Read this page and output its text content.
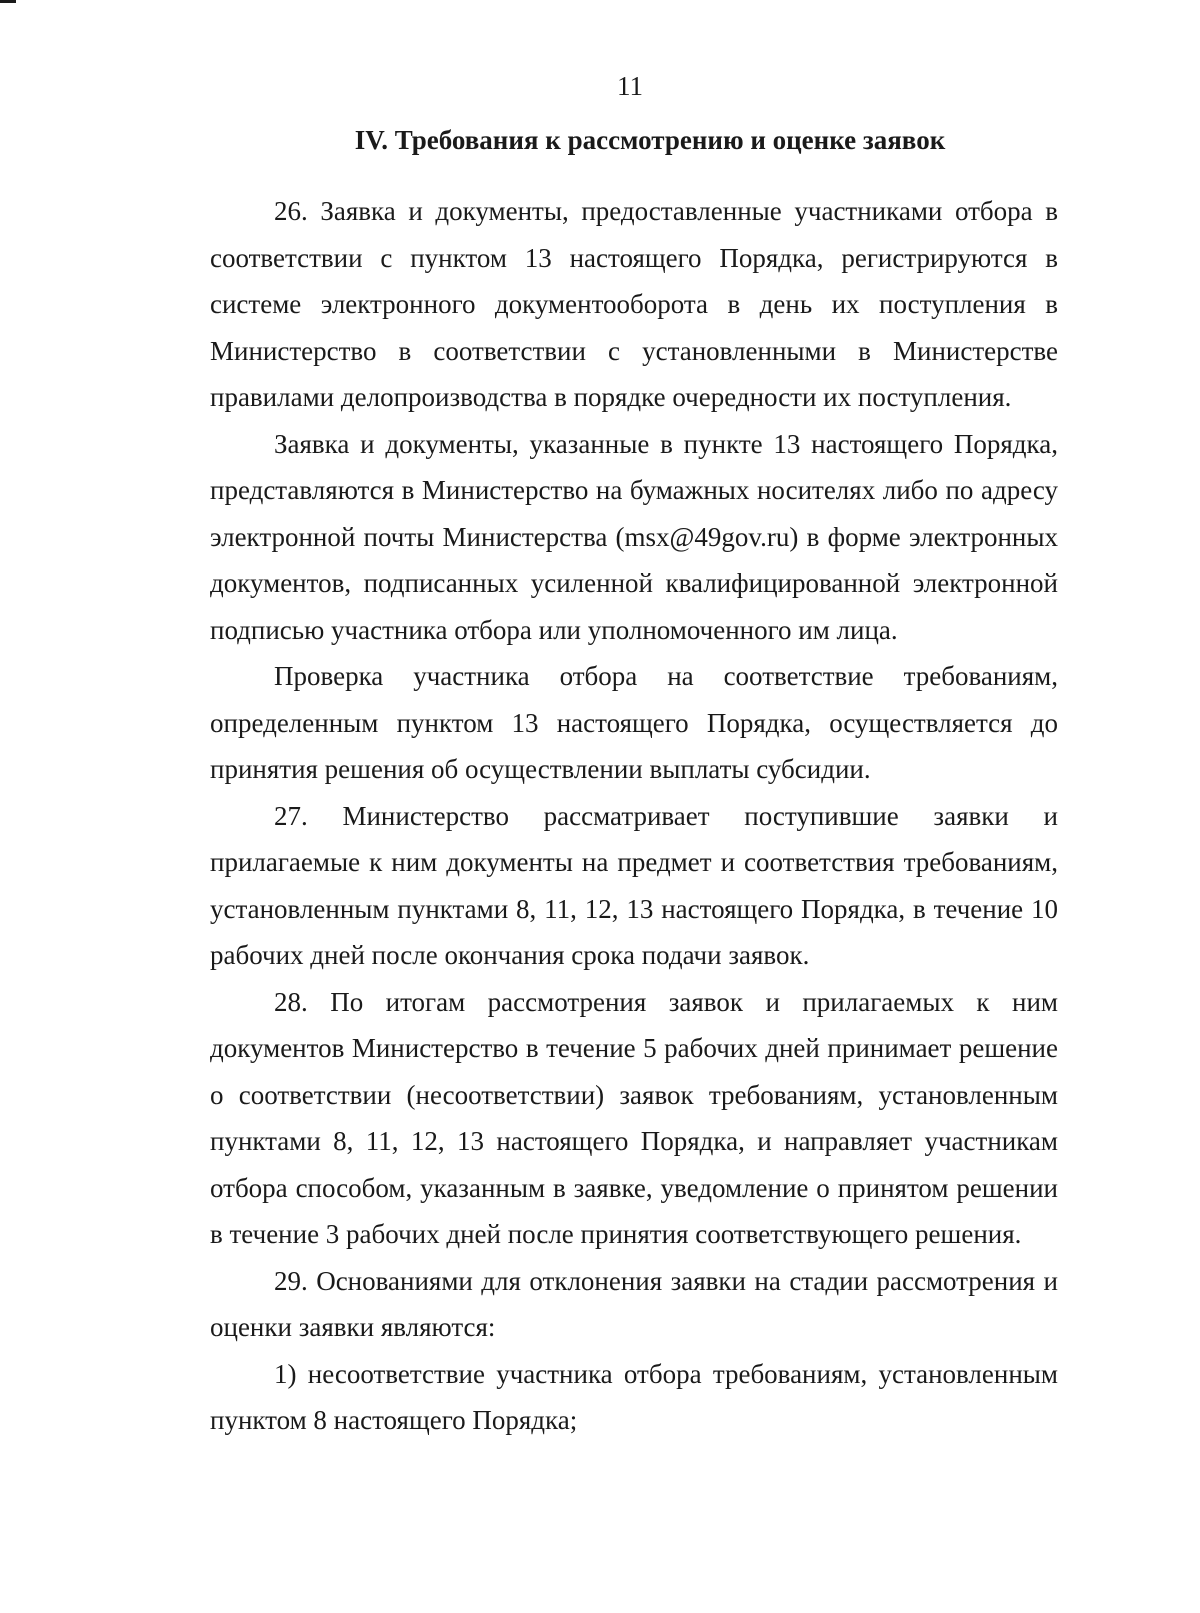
11
IV. Требования к рассмотрению и оценке заявок

26. Заявка и документы, предоставленные участниками отбора в соответствии с пунктом 13 настоящего Порядка, регистрируются в системе электронного документооборота в день их поступления в Министерство в соответствии с установленными в Министерстве правилами делопроизводства в порядке очередности их поступления.

Заявка и документы, указанные в пункте 13 настоящего Порядка, представляются в Министерство на бумажных носителях либо по адресу электронной почты Министерства (msx@49gov.ru) в форме электронных документов, подписанных усиленной квалифицированной электронной подписью участника отбора или уполномоченного им лица.

Проверка участника отбора на соответствие требованиям, определенным пунктом 13 настоящего Порядка, осуществляется до принятия решения об осуществлении выплаты субсидии.

27. Министерство рассматривает поступившие заявки и прилагаемые к ним документы на предмет и соответствия требованиям, установленным пунктами 8, 11, 12, 13 настоящего Порядка, в течение 10 рабочих дней после окончания срока подачи заявок.

28. По итогам рассмотрения заявок и прилагаемых к ним документов Министерство в течение 5 рабочих дней принимает решение о соответствии (несоответствии) заявок требованиям, установленным пунктами 8, 11, 12, 13 настоящего Порядка, и направляет участникам отбора способом, указанным в заявке, уведомление о принятом решении в течение 3 рабочих дней после принятия соответствующего решения.

29. Основаниями для отклонения заявки на стадии рассмотрения и оценки заявки являются:

1) несоответствие участника отбора требованиям, установленным пунктом 8 настоящего Порядка;
